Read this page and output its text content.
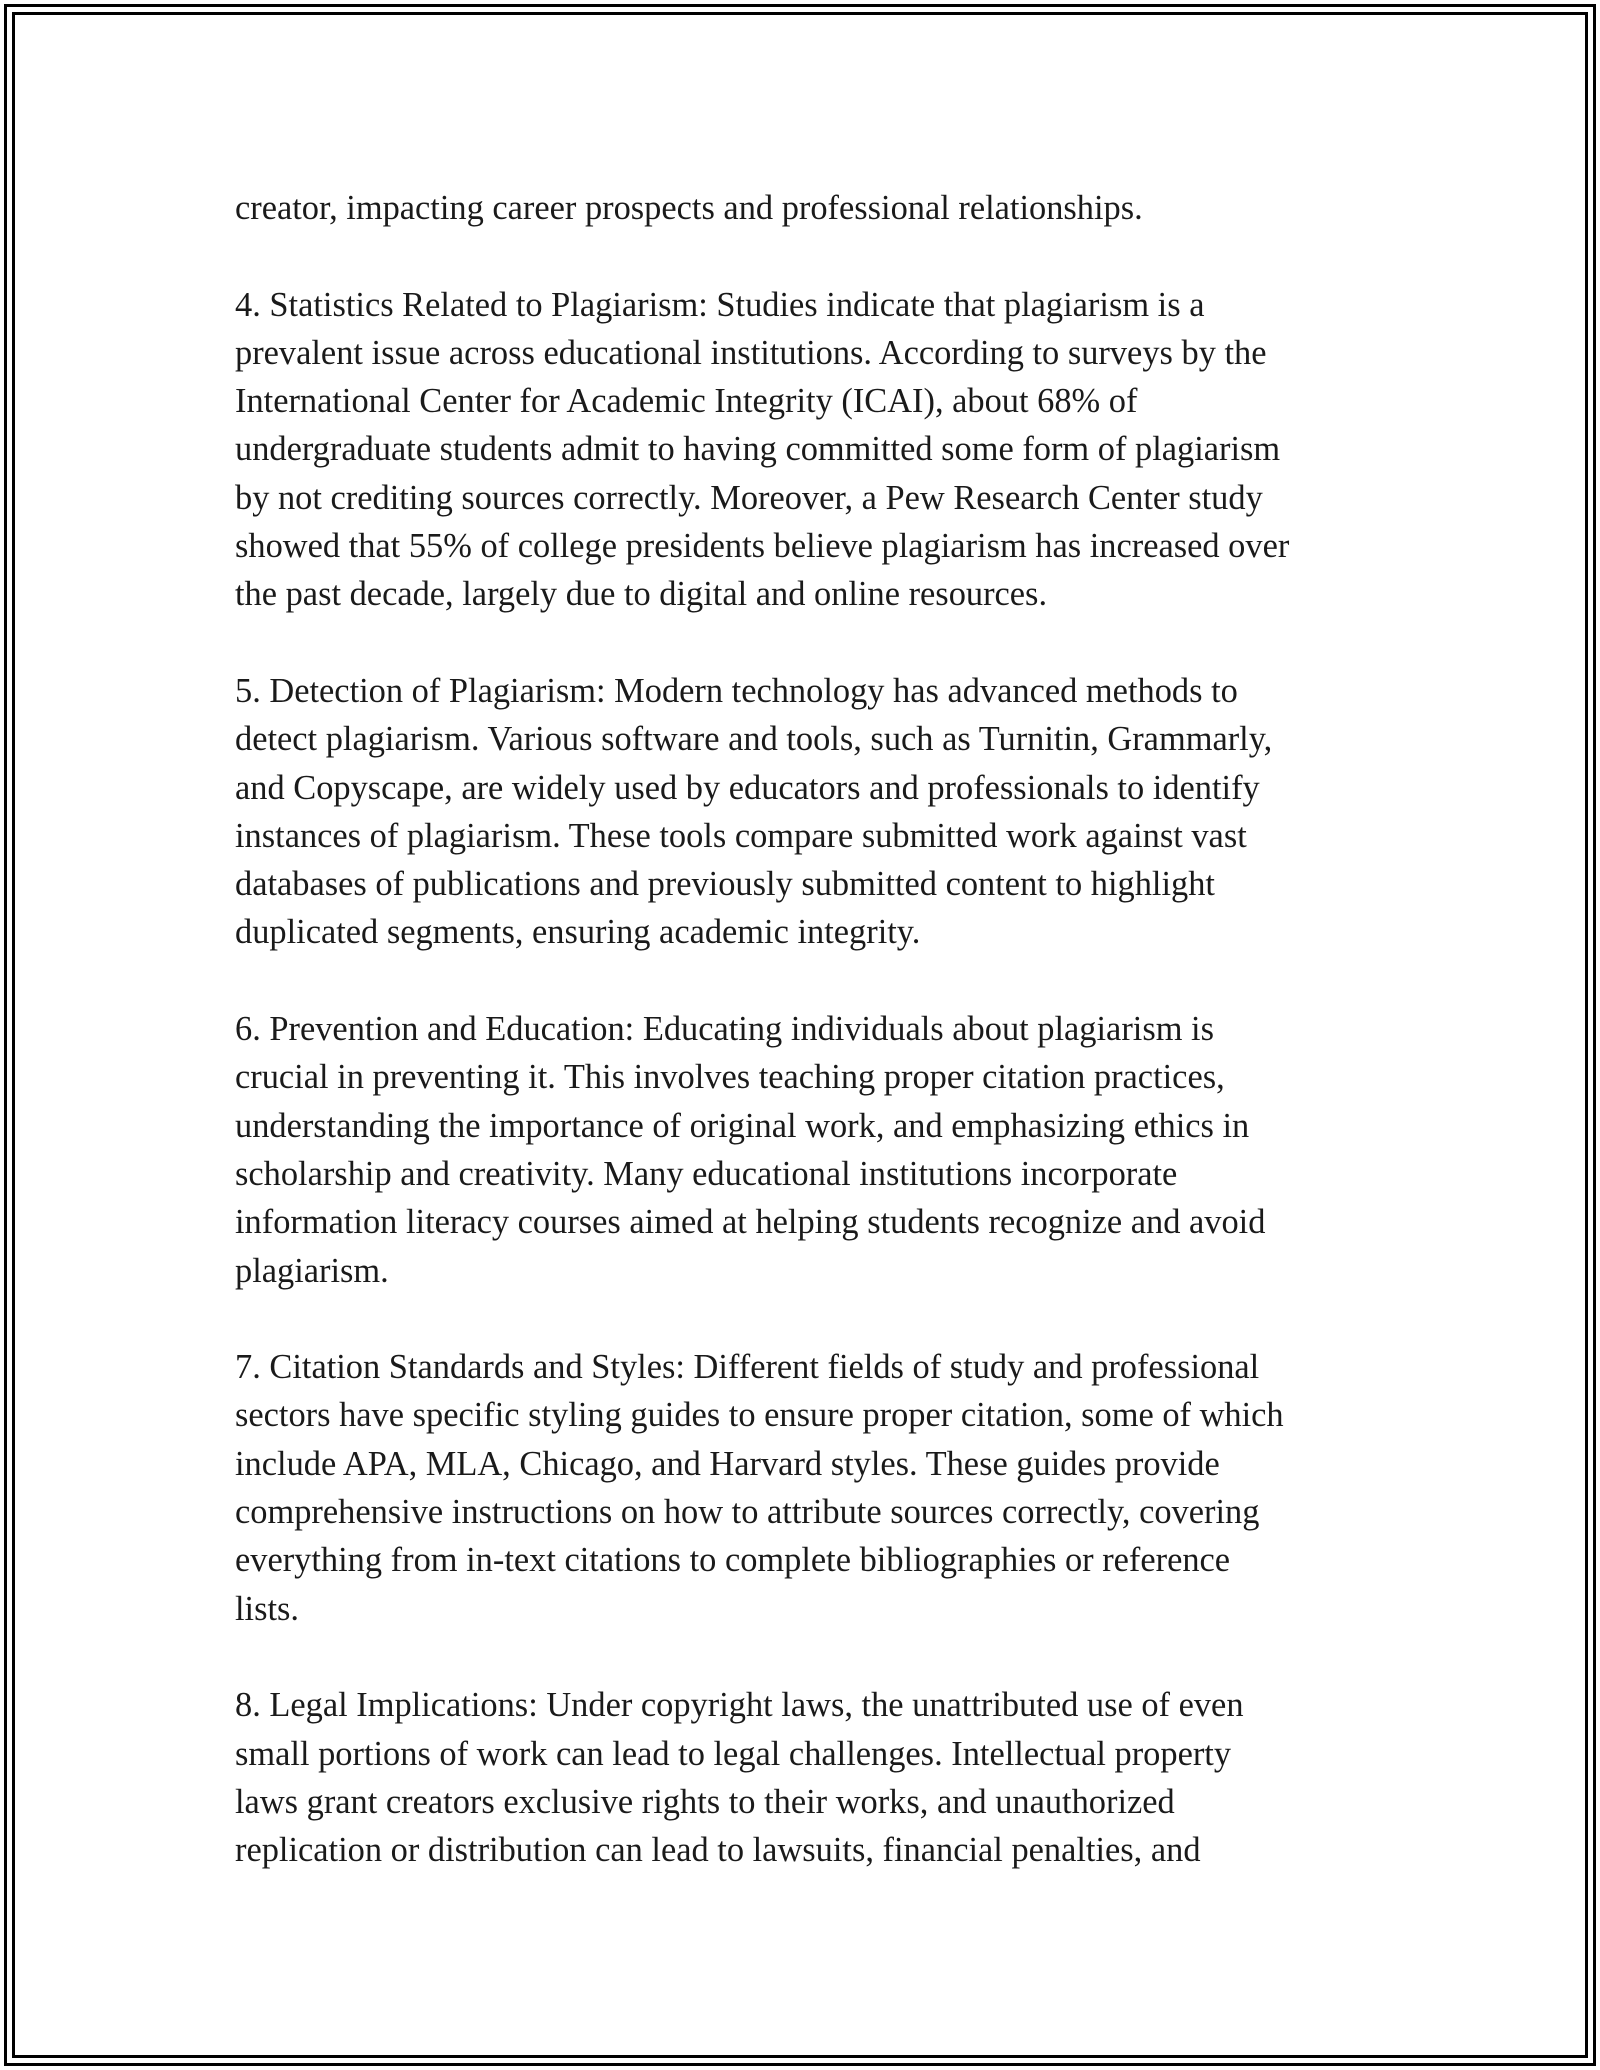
creator, impacting career prospects and professional relationships.

4. Statistics Related to Plagiarism: Studies indicate that plagiarism is a
prevalent issue across educational institutions. According to surveys by the
International Center for Academic Integrity (ICAI), about 68% of
undergraduate students admit to having committed some form of plagiarism
by not crediting sources correctly. Moreover, a Pew Research Center study
showed that 55% of college presidents believe plagiarism has increased over
the past decade, largely due to digital and online resources.

5. Detection of Plagiarism: Modern technology has advanced methods to
detect plagiarism. Various software and tools, such as Turnitin, Grammarly,
and Copyscape, are widely used by educators and professionals to identify
instances of plagiarism. These tools compare submitted work against vast
databases of publications and previously submitted content to highlight
duplicated segments, ensuring academic integrity.

6. Prevention and Education: Educating individuals about plagiarism is
crucial in preventing it. This involves teaching proper citation practices,
understanding the importance of original work, and emphasizing ethics in
scholarship and creativity. Many educational institutions incorporate
information literacy courses aimed at helping students recognize and avoid
plagiarism.

7. Citation Standards and Styles: Different fields of study and professional
sectors have specific styling guides to ensure proper citation, some of which
include APA, MLA, Chicago, and Harvard styles. These guides provide
comprehensive instructions on how to attribute sources correctly, covering
everything from in-text citations to complete bibliographies or reference
lists.

8. Legal Implications: Under copyright laws, the unattributed use of even
small portions of work can lead to legal challenges. Intellectual property
laws grant creators exclusive rights to their works, and unauthorized
replication or distribution can lead to lawsuits, financial penalties, and
